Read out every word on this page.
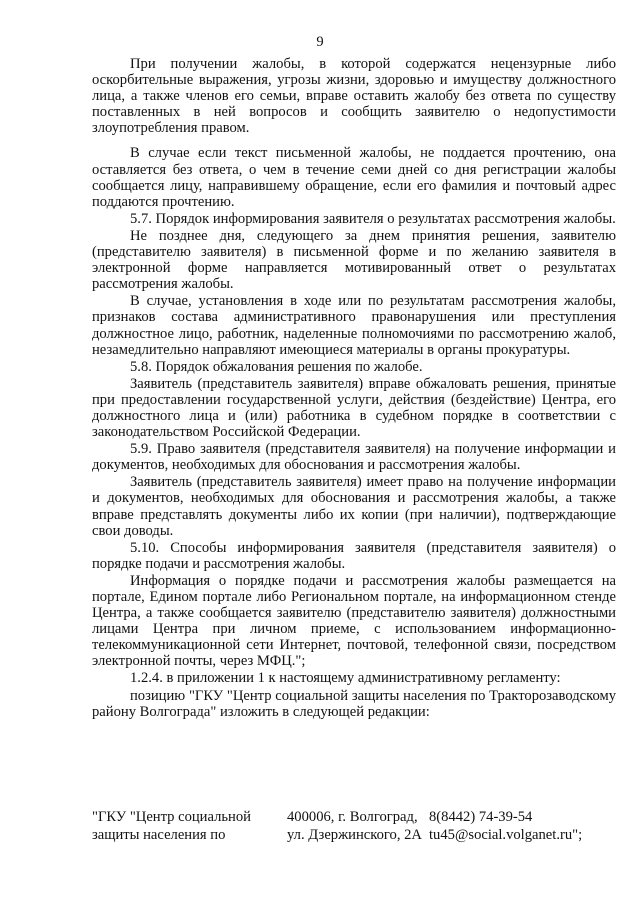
9

При получении жалобы, в которой содержатся нецензурные либо оскорбительные выражения, угрозы жизни, здоровью и имуществу должностного лица, а также членов его семьи, вправе оставить жалобу без ответа по существу поставленных в ней вопросов и сообщить заявителю о недопустимости злоупотребления правом.

В случае если текст письменной жалобы, не поддается прочтению, она оставляется без ответа, о чем в течение семи дней со дня регистрации жалобы сообщается лицу, направившему обращение, если его фамилия и почтовый адрес поддаются прочтению.

5.7. Порядок информирования заявителя о результатах рассмотрения жалобы.

Не позднее дня, следующего за днем принятия решения, заявителю (представителю заявителя) в письменной форме и по желанию заявителя в электронной форме направляется мотивированный ответ о результатах рассмотрения жалобы.

В случае, установления в ходе или по результатам рассмотрения жалобы, признаков состава административного правонарушения или преступления должностное лицо, работник, наделенные полномочиями по рассмотрению жалоб, незамедлительно направляют имеющиеся материалы в органы прокуратуры.

5.8. Порядок обжалования решения по жалобе.

Заявитель (представитель заявителя) вправе обжаловать решения, принятые при предоставлении государственной услуги, действия (бездействие) Центра, его должностного лица и (или) работника в судебном порядке в соответствии с законодательством Российской Федерации.

5.9. Право заявителя (представителя заявителя) на получение информации и документов, необходимых для обоснования и рассмотрения жалобы.

Заявитель (представитель заявителя) имеет право на получение информации и документов, необходимых для обоснования и рассмотрения жалобы, а также вправе представлять документы либо их копии (при наличии), подтверждающие свои доводы.

5.10. Способы информирования заявителя (представителя заявителя) о порядке подачи и рассмотрения жалобы.

Информация о порядке подачи и рассмотрения жалобы размещается на портале, Едином портале либо Региональном портале, на информационном стенде Центра, а также сообщается заявителю (представителю заявителя) должностными лицами Центра при личном приеме, с использованием информационно-телекоммуникационной сети Интернет, почтовой, телефонной связи, посредством электронной почты, через МФЦ.";

1.2.4. в приложении 1 к настоящему административному регламенту:

позицию "ГКУ "Центр социальной защиты населения по Тракторозаводскому району Волгограда" изложить в следующей редакции:

"ГКУ "Центр социальной
защиты населения по
400006, г. Волгоград,
ул. Дзержинского, 2А
8(8442) 74-39-54
tu45@social.volganet.ru";
